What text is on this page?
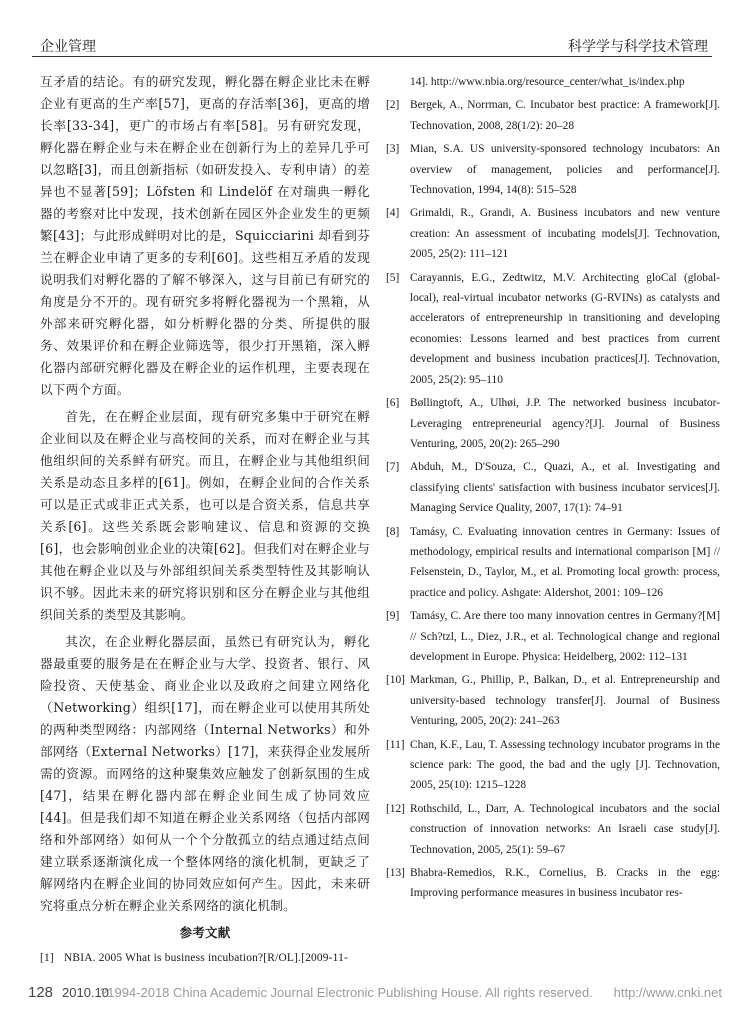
企业管理	科学学与科学技术管理

互矛盾的结论。有的研究发现，孵化器在孵企业比未在孵企业有更高的生产率[57]，更高的存活率[36]，更高的增长率[33-34]，更广的市场占有率[58]。另有研究发现，孵化器在孵企业与未在孵企业在创新行为上的差异几乎可以忽略[3]，而且创新指标（如研发投入、专利申请）的差异也不显著[59]；Löfsten 和 Lindelöf 在对瑞典一孵化器的考察对比中发现，技术创新在园区外企业发生的更频繁[43]；与此形成鲜明对比的是，Squicciarini 却看到芬兰在孵企业申请了更多的专利[60]。这些相互矛盾的发现说明我们对孵化器的了解不够深入，这与目前已有研究的角度是分不开的。现有研究多将孵化器视为一个黑箱，从外部来研究孵化器，如分析孵化器的分类、所提供的服务、效果评价和在孵企业筛选等，很少打开黑箱，深入孵化器内部研究孵化器及在孵企业的运作机理，主要表现在以下两个方面。

首先，在在孵企业层面，现有研究多集中于研究在孵企业间以及在孵企业与高校间的关系，而对在孵企业与其他组织间的关系鲜有研究。而且，在孵企业与其他组织间关系是动态且多样的[61]。例如，在孵企业间的合作关系可以是正式或非正式关系，也可以是合资关系，信息共享关系[6]。这些关系既会影响建议、信息和资源的交换[6]，也会影响创业企业的决策[62]。但我们对在孵企业与其他在孵企业以及与外部组织间关系类型特性及其影响认识不够。因此未来的研究将识别和区分在孵企业与其他组织间关系的类型及其影响。

其次，在企业孵化器层面，虽然已有研究认为，孵化器最重要的服务是在在孵企业与大学、投资者、银行、风险投资、天使基金、商业企业以及政府之间建立网络化（Networking）组织[17]，而在孵企业可以使用其所处的两种类型网络：内部网络（Internal Networks）和外部网络（External Networks）[17]，来获得企业发展所需的资源。而网络的这种聚集效应触发了创新氛围的生成[47]，结果在孵化器内部在孵企业间生成了协同效应[44]。但是我们却不知道在孵企业关系网络（包括内部网络和外部网络）如何从一个个分散孤立的结点通过结点间建立联系逐渐演化成一个整体网络的演化机制，更缺乏了解网络内在孵企业间的协同效应如何产生。因此，未来研究将重点分析在孵企业关系网络的演化机制。

参考文献
[1] NBIA. 2005 What is business incubation?[R/OL].[2009-11-
14]. http://www.nbia.org/resource_center/what_is/index.php
[2] Bergek, A., Norrman, C. Incubator best practice: A framework[J]. Technovation, 2008, 28(1/2): 20–28
[3] Mian, S.A. US university-sponsored technology incubators: An overview of management, policies and performance[J]. Technovation, 1994, 14(8): 515–528
[4] Grimaldi, R., Grandi, A. Business incubators and new venture creation: An assessment of incubating models[J]. Technovation, 2005, 25(2): 111–121
[5] Carayannis, E.G., Zedtwitz, M.V. Architecting gloCal (global-local), real-virtual incubator networks (G-RVINs) as catalysts and accelerators of entrepreneurship in transitioning and developing economies: Lessons learned and best practices from current development and business incubation practices[J]. Technovation, 2005, 25(2): 95–110
[6] Bøllingtoft, A., Ulhøi, J.P. The networked business incubator-Leveraging entrepreneurial agency?[J]. Journal of Business Venturing, 2005, 20(2): 265–290
[7] Abduh, M., D'Souza, C., Quazi, A., et al. Investigating and classifying clients' satisfaction with business incubator services[J]. Managing Service Quality, 2007, 17(1): 74–91
[8] Tamásy, C. Evaluating innovation centres in Germany: Issues of methodology, empirical results and international comparison [M] // Felsenstein, D., Taylor, M., et al. Promoting local growth: process, practice and policy. Ashgate: Aldershot, 2001: 109–126
[9] Tamásy, C. Are there too many innovation centres in Germany?[M] // Sch?tzl, L., Diez, J.R., et al. Technological change and regional development in Europe. Physica: Heidelberg, 2002: 112–131
[10] Markman, G., Phillip, P., Balkan, D., et al. Entrepreneurship and university-based technology transfer[J]. Journal of Business Venturing, 2005, 20(2): 241–263
[11] Chan, K.F., Lau, T. Assessing technology incubator programs in the science park: The good, the bad and the ugly [J]. Technovation, 2005, 25(10): 1215–1228
[12] Rothschild, L., Darr, A. Technological incubators and the social construction of innovation networks: An Israeli case study[J]. Technovation, 2005, 25(1): 59–67
[13] Bhabra-Remedios, R.K., Cornelius, B. Cracks in the egg: Improving performance measures in business incubator res-
128 2010.10
?1994-2018 China Academic Journal Electronic Publishing House. All rights reserved. http://www.cnki.net
